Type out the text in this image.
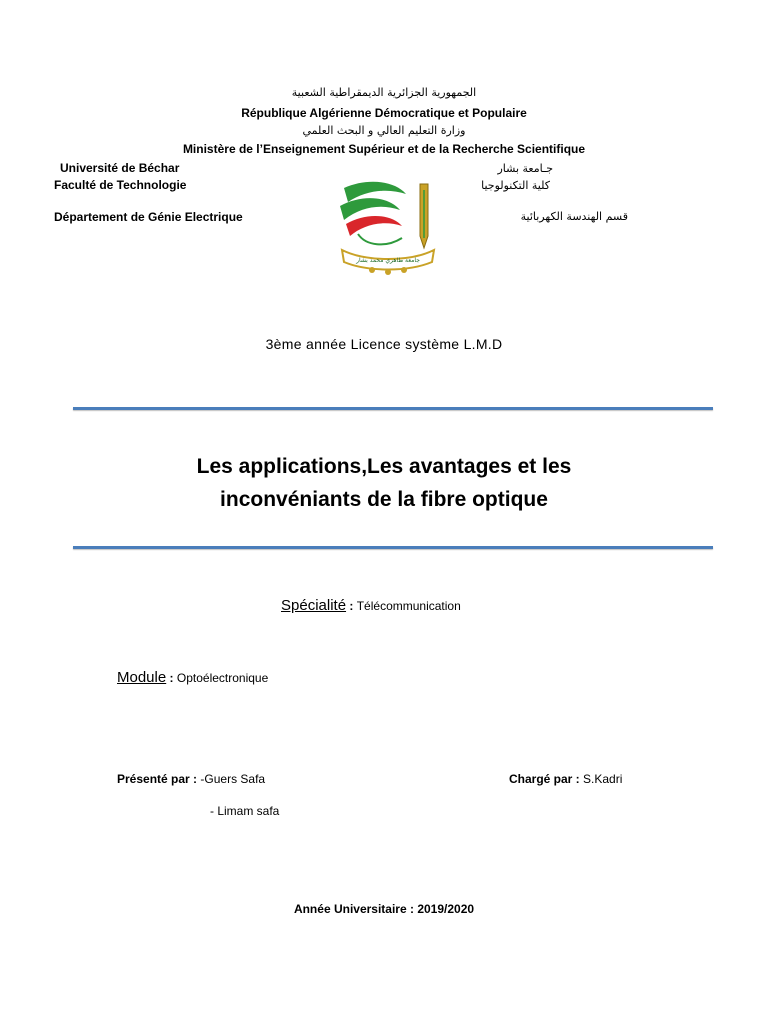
الجمهورية الجزائرية الديمقراطية الشعبية
République Algérienne Démocratique et Populaire
وزارة التعليم العالي و البحث العلمي
Ministère de l’Enseignement Supérieur et de la Recherche Scientifique
Université de Béchar	جـامعة بشار
Faculté de Technologie	كلية التكنولوجيا
Département de Génie Electrique	قسم الهندسة الكهربائية
جامعة طاهري محمد بشار
3ème année Licence système L.M.D
Les applications,Les avantages et les
inconvéniants de la fibre optique
Spécialité : Télécommunication
Module : Optoélectronique
Présenté par : -Guers Safa
- Limam safa
Chargé par : S.Kadri
Année Universitaire : 2019/2020
